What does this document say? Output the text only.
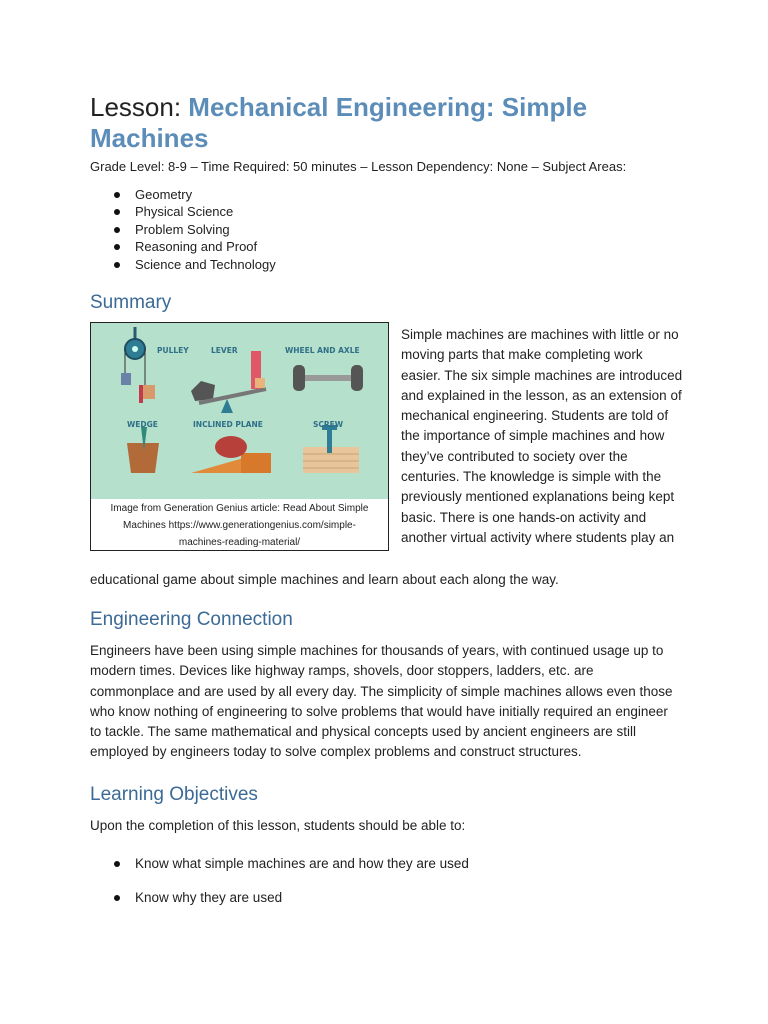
Lesson: Mechanical Engineering: Simple Machines
Grade Level: 8-9 – Time Required: 50 minutes – Lesson Dependency: None – Subject Areas:
Geometry
Physical Science
Problem Solving
Reasoning and Proof
Science and Technology
Summary
PULLEY	LEVER	WHEEL AND AXLE
WEDGE	INCLINED PLANE	SCREW
Image from Generation Genius article: Read About Simple
Machines https://www.generationgenius.com/simple-
machines-reading-material/
Simple machines are machines with little or no moving parts that make completing work easier. The six simple machines are introduced and explained in the lesson, as an extension of mechanical engineering. Students are told of the importance of simple machines and how they’ve contributed to society over the centuries. The knowledge is simple with the previously mentioned explanations being kept basic. There is one hands-on activity and another virtual activity where students play an
educational game about simple machines and learn about each along the way.
Engineering Connection
Engineers have been using simple machines for thousands of years, with continued usage up to modern times. Devices like highway ramps, shovels, door stoppers, ladders, etc. are commonplace and are used by all every day. The simplicity of simple machines allows even those who know nothing of engineering to solve problems that would have initially required an engineer to tackle. The same mathematical and physical concepts used by ancient engineers are still employed by engineers today to solve complex problems and construct structures.
Learning Objectives
Upon the completion of this lesson, students should be able to:
Know what simple machines are and how they are used
Know why they are used
